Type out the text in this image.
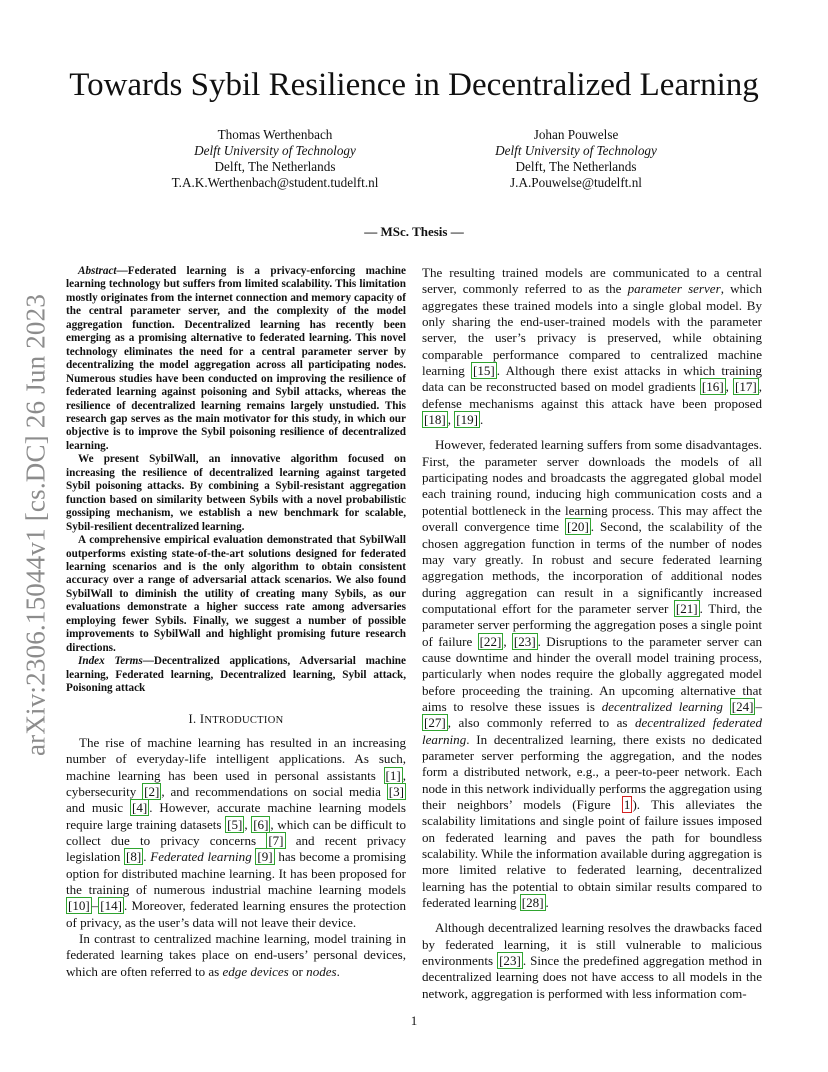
arXiv:2306.15044v1 [cs.DC] 26 Jun 2023
Towards Sybil Resilience in Decentralized Learning
Thomas Werthenbach
Delft University of Technology
Delft, The Netherlands
T.A.K.Werthenbach@student.tudelft.nl
Johan Pouwelse
Delft University of Technology
Delft, The Netherlands
J.A.Pouwelse@tudelft.nl
— MSc. Thesis —

Abstract—Federated learning is a privacy-enforcing machine learning technology but suffers from limited scalability. This limitation mostly originates from the internet connection and memory capacity of the central parameter server, and the complexity of the model aggregation function. Decentralized learning has recently been emerging as a promising alternative to federated learning. This novel technology eliminates the need for a central parameter server by decentralizing the model aggregation across all participating nodes. Numerous studies have been conducted on improving the resilience of federated learning against poisoning and Sybil attacks, whereas the resilience of decentralized learning remains largely unstudied. This research gap serves as the main motivator for this study, in which our objective is to improve the Sybil poisoning resilience of decentralized learning.

We present SybilWall, an innovative algorithm focused on increasing the resilience of decentralized learning against targeted Sybil poisoning attacks. By combining a Sybil-resistant aggregation function based on similarity between Sybils with a novel probabilistic gossiping mechanism, we establish a new benchmark for scalable, Sybil-resilient decentralized learning.

A comprehensive empirical evaluation demonstrated that SybilWall outperforms existing state-of-the-art solutions designed for federated learning scenarios and is the only algorithm to obtain consistent accuracy over a range of adversarial attack scenarios. We also found SybilWall to diminish the utility of creating many Sybils, as our evaluations demonstrate a higher success rate among adversaries employing fewer Sybils. Finally, we suggest a number of possible improvements to SybilWall and highlight promising future research directions.

Index Terms—Decentralized applications, Adversarial machine learning, Federated learning, Decentralized learning, Sybil attack, Poisoning attack

I. INTRODUCTION

The rise of machine learning has resulted in an increasing number of everyday-life intelligent applications. As such, machine learning has been used in personal assistants [1] , cybersecurity [2] , and recommendations on social media [3] and music [4] . However, accurate machine learning models require large training datasets [5] , [6] , which can be difficult to collect due to privacy concerns [7] and recent privacy legislation [8] . Federated learning [9] has become a promising option for distributed machine learning. It has been proposed for the training of numerous industrial machine learning models [10] – [14] . Moreover, federated learning ensures the protection of privacy, as the user’s data will not leave their device.

In contrast to centralized machine learning, model training in federated learning takes place on end-users’ personal devices, which are often referred to as edge devices or nodes.

The resulting trained models are communicated to a central server, commonly referred to as the parameter server, which aggregates these trained models into a single global model. By only sharing the end-user-trained models with the parameter server, the user’s privacy is preserved, while obtaining comparable performance compared to centralized machine learning [15] . Although there exist attacks in which training data can be reconstructed based on model gradients [16] , [17] , defense mechanisms against this attack have been proposed [18] , [19] .

However, federated learning suffers from some disadvantages. First, the parameter server downloads the models of all participating nodes and broadcasts the aggregated global model each training round, inducing high communication costs and a potential bottleneck in the learning process. This may affect the overall convergence time [20] . Second, the scalability of the chosen aggregation function in terms of the number of nodes may vary greatly. In robust and secure federated learning aggregation methods, the incorporation of additional nodes during aggregation can result in a significantly increased computational effort for the parameter server [21] . Third, the parameter server performing the aggregation poses a single point of failure [22] , [23] . Disruptions to the parameter server can cause downtime and hinder the overall model training process, particularly when nodes require the globally aggregated model before proceeding the training. An upcoming alternative that aims to resolve these issues is decentralized learning [24] –[27] , also commonly referred to as decentralized federated learning. In decentralized learning, there exists no dedicated parameter server performing the aggregation, and the nodes form a distributed network, e.g., a peer-to-peer network. Each node in this network individually performs the aggregation using their neighbors’ models (Figure 1 ). This alleviates the scalability limitations and single point of failure issues imposed on federated learning and paves the path for boundless scalability. While the information available during aggregation is more limited relative to federated learning, decentralized learning has the potential to obtain similar results compared to federated learning [28] .

Although decentralized learning resolves the drawbacks faced by federated learning, it is still vulnerable to malicious environments [23] . Since the predefined aggregation method in decentralized learning does not have access to all models in the network, aggregation is performed with less information com-

1
